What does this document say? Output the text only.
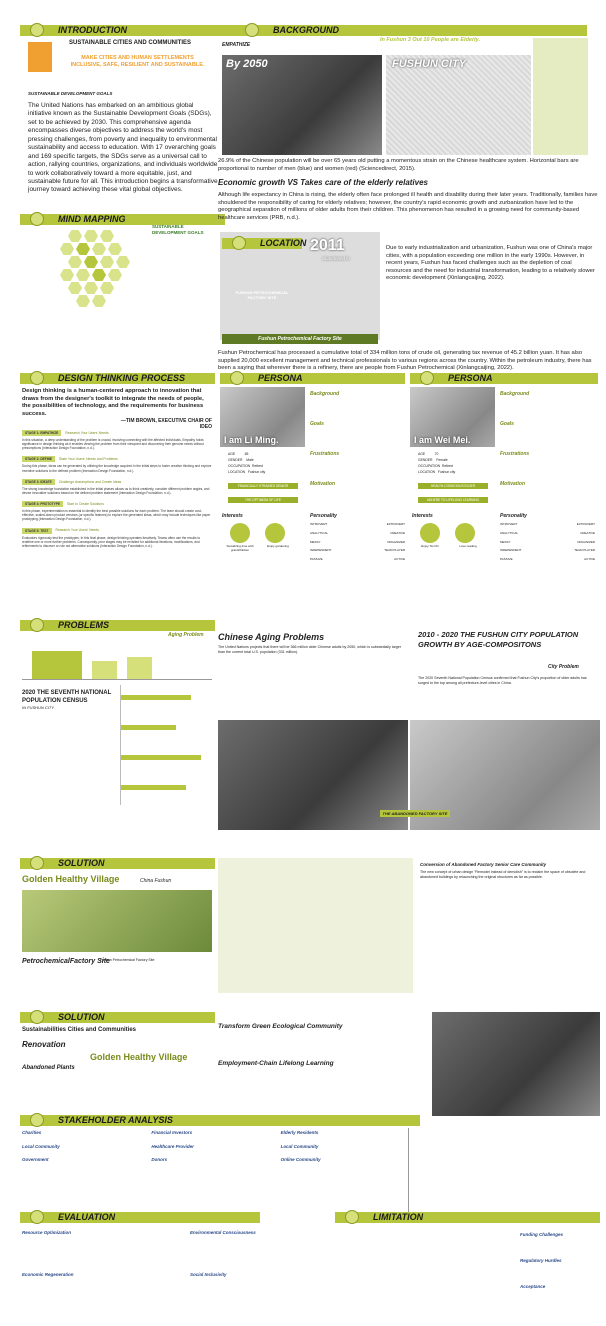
INTRODUCTION
SUSTAINABLE CITIES AND COMMUNITIES
MAKE CITIES AND HUMAN SETTLEMENTS INCLUSIVE, SAFE, RESILIENT AND SUSTAINABLE.
SUSTAINABLE DEVELOPMENT GOALS
The United Nations has embarked on an ambitious global initiative known as the Sustainable Development Goals (SDGs), set to be achieved by 2030. This comprehensive agenda encompasses diverse objectives to address the world's most pressing challenges, from poverty and inequality to environmental sustainability and access to education. With 17 overarching goals and 169 specific targets, the SDGs serve as a universal call to action, rallying countries, organizations, and individuals worldwide to work collaboratively toward a more equitable, just, and sustainable future for all. This introduction begins a transformative journey toward achieving these vital global objectives.
MIND MAPPING
SUSTAINABLE DEVELOPMENT GOALS
BACKGROUND
EMPATHIZE
In Fushun 3 Out 10 People are Elderly.
By 2050	FUSHUN CITY
26.9% of the Chinese population will be over 65 years old putting a momentous strain on the Chinese healthcare system. Horizontal bars are proportional to number of men (blue) and women (red) (Sciencedirect, 2015).
Economic growth VS Takes care of the elderly relatives
Although life expectancy in China is rising, the elderly often face prolonged ill health and disability during their later years. Traditionally, families have shouldered the responsibility of caring for elderly relatives; however, the country's rapid economic growth and zurbanization have led to the geographical separation of millions of older adults from their children. This phenomenon has resulted in a growing need for community-based healthcare services (PRB, n.d.).
LOCATION 2011
Abandoned in
FUSHUN PETROCHEMICAL FACTORY SITE
Fushun Petrochemical Factory Site
Due to early industrialization and urbanization, Fushun was one of China's major cities, with a population exceeding one million in the early 1990s. However, in recent years, Fushun has faced challenges such as the depletion of coal resources and the need for industrial transformation, leading to a relatively slower economic development (Xinlangcaijing, 2022).
Fushun Petrochemical has processed a cumulative total of 334 million tons of crude oil, generating tax revenue of 45.2 billion yuan. It has also supplied 20,000 excellent management and technical professionals to various regions across the country. Within the petroleum industry, there has been a saying that wherever there is a refinery, there are people from Fushun Petrochemical (Xinlangcaijing, 2022).
DESIGN THINKING PROCESS
Design thinking is a human-centered approach to innovation that draws from the designer's toolkit to integrate the needs of people, the possibilities of technology, and the requirements for business success.
—TIM BROWN, EXECUTIVE CHAIR OF IDEO
STAGE 1: EMPATHIZE	Research Your Users' Needs
In this situation, a deep understanding of the problem is crucial, involving connecting with the affected individuals. Empathy holds significance in design thinking as it enables viewing the problem from their viewpoint and discovering their genuine needs without presumptions (Interaction Design Foundation, n.d.).
STAGE 2: DEFINE	State Your Users' Needs and Problems
During this phase, ideas can be generated by utilizing the knowledge acquired in the initial steps to foster creative thinking and explore inventive solutions to the defined problem (Interaction Design Foundation, n.d.).
STAGE 3: IDEATE	Challenge Assumptions and Create Ideas
The strong knowledge foundation established in the initial phases allows us to think creatively, consider different problem angles, and devise innovative solutions based on the defined problem statement (Interaction Design Foundation, n.d.).
STAGE 4: PROTOTYPE	Start to Create Solutions
In this phase, experimentation is essential to identify the best possible solutions for each problem. The team should create cost-effective, scaled-down product versions (or specific features) to explore the generated ideas, which may include techniques like paper prototyping (Interaction Design Foundation, n.d.).
STAGE 5: TEST	Research Your Users' Needs
Evaluators rigorously test the prototypes. In this final phase, design thinking operates iteratively. Teams often use the results to redefine one or more further problems. Consequently, prior stages may be revisited for additional iterations, modifications, and refinements to discover or rule out alternative solutions (Interaction Design Foundation, n.d.).
PERSONA
I am Li Ming.
AGE          65
GENDER    Male
OCCUPATION  Retired
LOCATION   Fushun city
FINANCIALLY STRAINED SENIOR
THE OPTIMISM OF LIFE
Background
Goals
Frustrations
Motivation
Interests
Socializing time with grandchildren
Enjoy gardening
Personality
INTROVERT	EXTROVERT
ANALYTICAL	CREATIVE
MESSY	ORGANIZED
INDEPENDENT	TEAM PLAYER
PASSIVE	ACTIVE
PERSONA
I am Wei Mei.
AGE          70
GENDER    Female
OCCUPATION  Retired
LOCATION   Fushun city
HEALTH-CONSCIOUS ELDER
ADHERE TO LIFELONG LEARNING
Background
Goals
Frustrations
Motivation
Interests
Enjoy Tai Chi	Love reading
Personality
INTROVERT	EXTROVERT
ANALYTICAL	CREATIVE
MESSY	ORGANIZED
INDEPENDENT	TEAM PLAYER
PASSIVE	ACTIVE
PROBLEMS
Aging Problem
2020 THE SEVENTH NATIONAL POPULATION CENSUS
IN FUSHUN CITY
Chinese Aging Problems
The United Nations projects that there will be 366 million older Chinese adults by 2050, which is substantially larger than the current total U.S. population (331 million).
2010 - 2020 THE FUSHUN CITY POPULATION GROWTH BY AGE-COMPOSITONS
City Problem
The 2020 Seventh National Population Census confirmed that Fushun City's proportion of older adults has surged to the top among all prefecture-level cities in China.
THE ABANDONED FACTORY SITE
SOLUTION
Golden Healthy Village	China Fushun
PetrochemicalFactory Site
Fushun Petrochemical Factory Site
Conversion of Abandoned Factory Senior Care Community
The new concept of urban design "Remodel instead of demolish" is to reclaim the space of obsolete and abandoned buildings by relaunching the original structures as far as possible.
SOLUTION
Sustainabilities Cities and Communities
Renovation
Abandoned Plants
Golden Healthy Village
Transform Green Ecological Community
Employment-Chain Lifelong Learning
STAKEHOLDER ANALYSIS
Charities	Financial Investors	Elderly Residents
Local Community	Healthcare Provider	Local Community
Government	Donors	Online Community
EVALUATION
Resource Optimization
Economic Regeneration
Environmental Consciousness
Social Inclusivity
LIMITATION
Funding Challenges
Regulatory Hurdles
Acceptance
